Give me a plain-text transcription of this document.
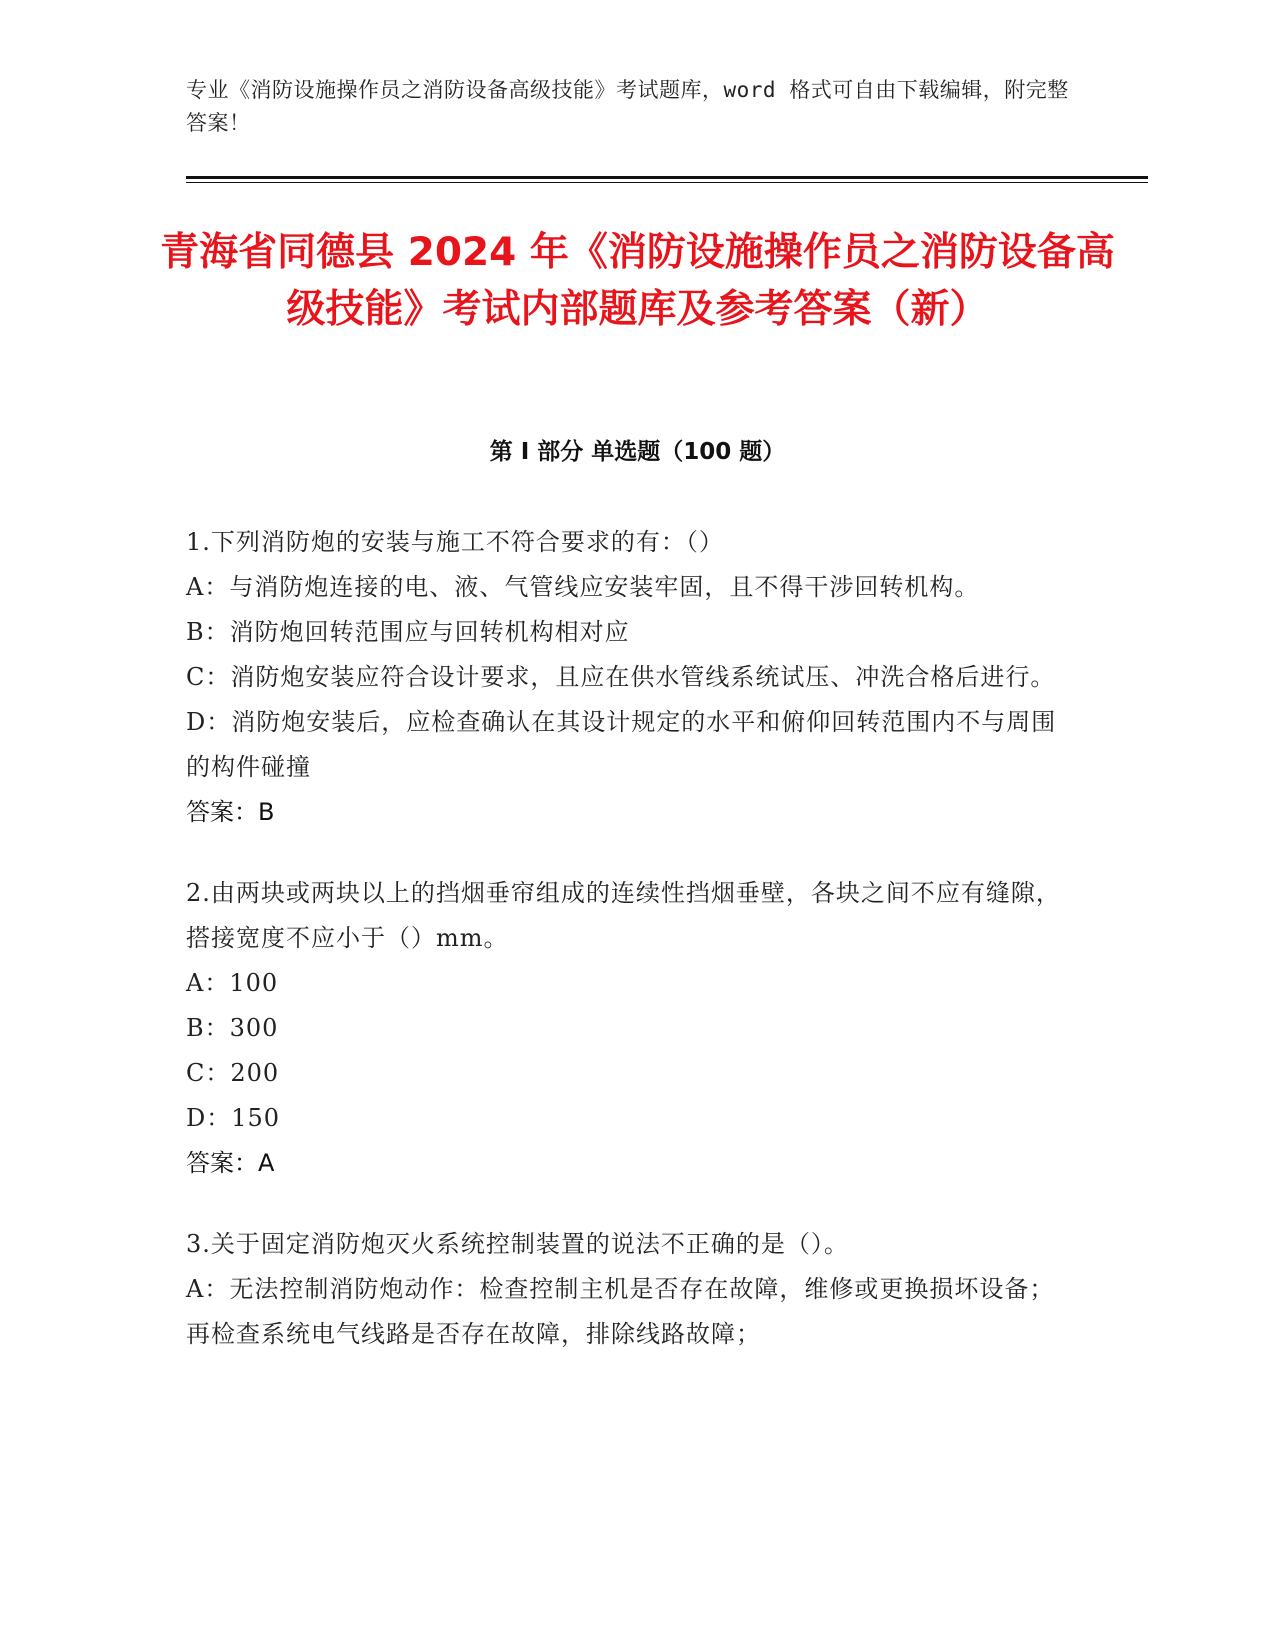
专业《消防设施操作员之消防设备高级技能》考试题库，word 格式可自由下载编辑，附完整答案！
青海省同德县 2024 年《消防设施操作员之消防设备高级技能》考试内部题库及参考答案（新）
第 I 部分 单选题（100 题）
1.下列消防炮的安装与施工不符合要求的有：（）
A：与消防炮连接的电、液、气管线应安装牢固，且不得干涉回转机构。
B：消防炮回转范围应与回转机构相对应
C：消防炮安装应符合设计要求，且应在供水管线系统试压、冲洗合格后进行。
D：消防炮安装后，应检查确认在其设计规定的水平和俯仰回转范围内不与周围的构件碰撞
答案：B
2.由两块或两块以上的挡烟垂帘组成的连续性挡烟垂壁，各块之间不应有缝隙，搭接宽度不应小于（）mm。
A：100
B：300
C：200
D：150
答案：A
3.关于固定消防炮灭火系统控制装置的说法不正确的是（）。
A：无法控制消防炮动作：检查控制主机是否存在故障，维修或更换损坏设备；再检查系统电气线路是否存在故障，排除线路故障；
